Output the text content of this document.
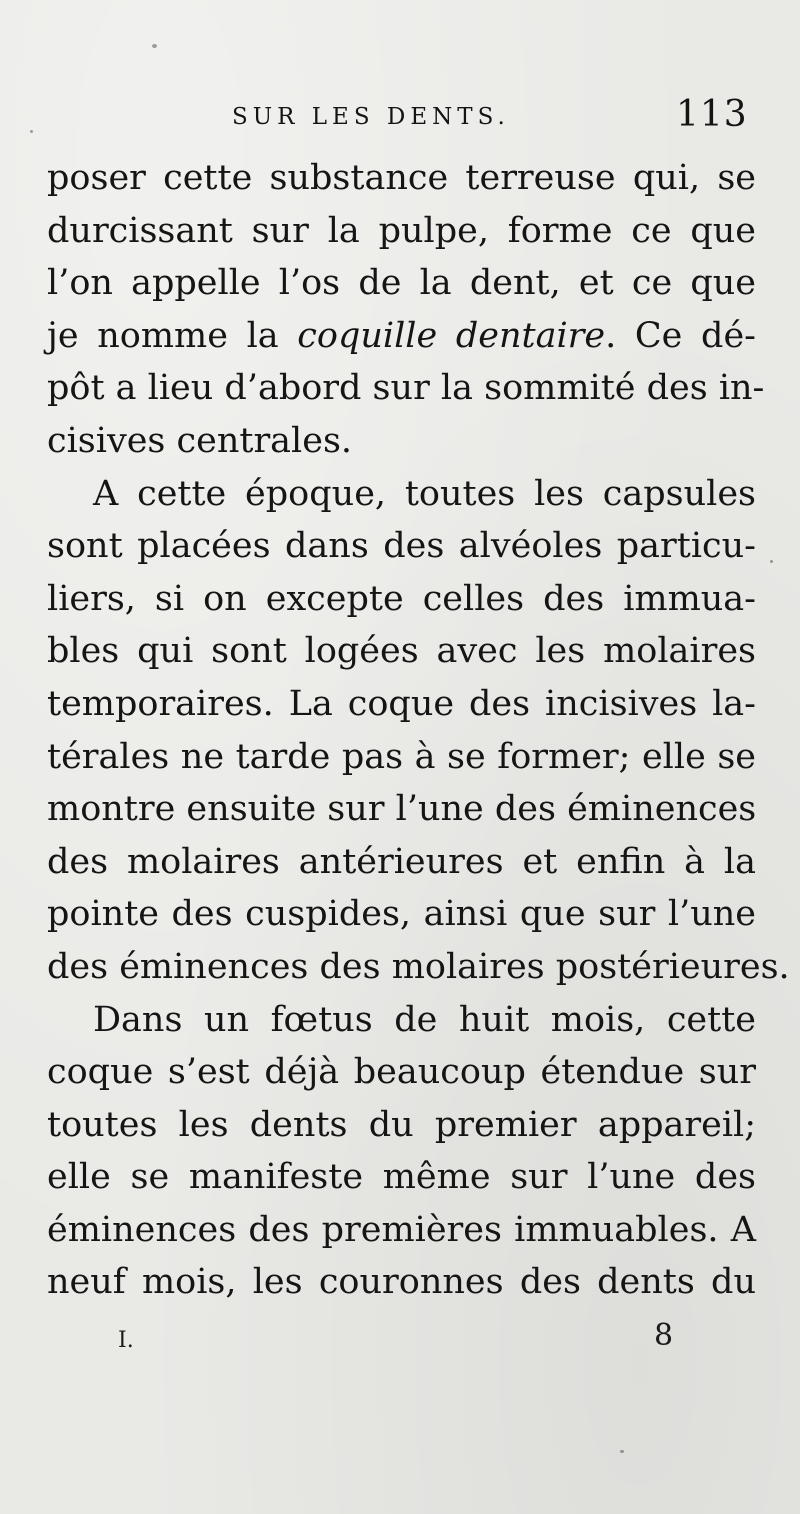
SUR LES DENTS.	113
poser cette substance terreuse qui, se
durcissant sur la pulpe, forme ce que
l’on appelle l’os de la dent, et ce que
je nomme la coquille dentaire. Ce dé-
pôt a lieu d’abord sur la sommité des in-
cisives centrales.
A cette époque, toutes les capsules
sont placées dans des alvéoles particu-
liers, si on excepte celles des immua-
bles qui sont logées avec les molaires
temporaires. La coque des incisives la-
térales ne tarde pas à se former; elle se
montre ensuite sur l’une des éminences
des molaires antérieures et enfin à la
pointe des cuspides, ainsi que sur l’une
des éminences des molaires postérieures.
Dans un fœtus de huit mois, cette
coque s’est déjà beaucoup étendue sur
toutes les dents du premier appareil;
elle se manifeste même sur l’une des
éminences des premières immuables. A
neuf mois, les couronnes des dents du
I.	8
